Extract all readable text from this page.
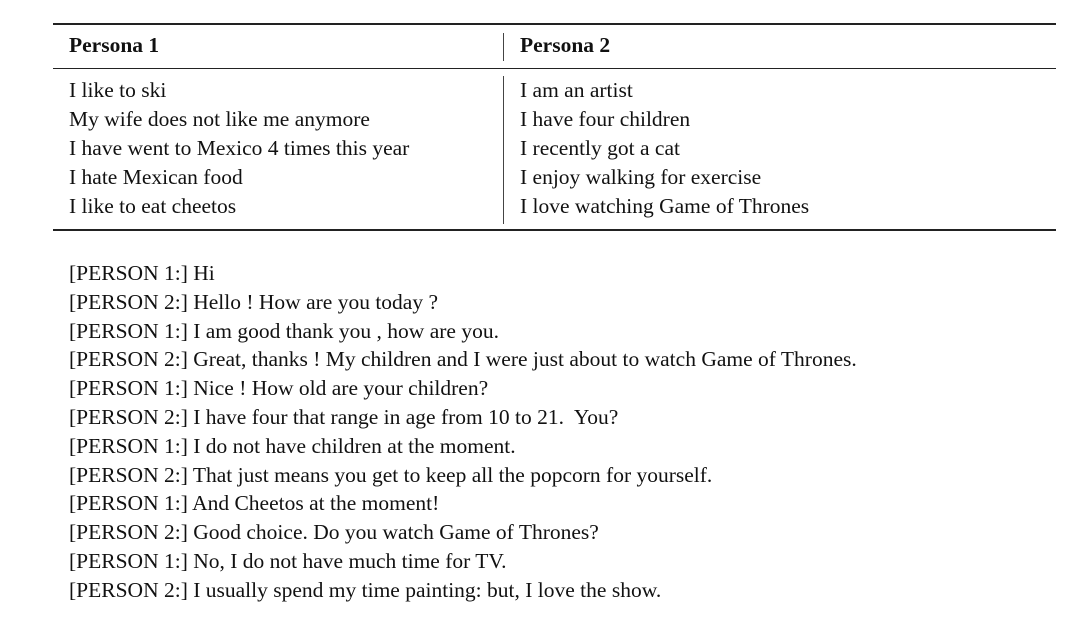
Persona 1	Persona 2
I like to ski
My wife does not like me anymore
I have went to Mexico 4 times this year
I hate Mexican food
I like to eat cheetos
I am an artist
I have four children
I recently got a cat
I enjoy walking for exercise
I love watching Game of Thrones
[PERSON 1:] Hi
[PERSON 2:] Hello ! How are you today ?
[PERSON 1:] I am good thank you , how are you.
[PERSON 2:] Great, thanks ! My children and I were just about to watch Game of Thrones.
[PERSON 1:] Nice ! How old are your children?
[PERSON 2:] I have four that range in age from 10 to 21.  You?
[PERSON 1:] I do not have children at the moment.
[PERSON 2:] That just means you get to keep all the popcorn for yourself.
[PERSON 1:] And Cheetos at the moment!
[PERSON 2:] Good choice. Do you watch Game of Thrones?
[PERSON 1:] No, I do not have much time for TV.
[PERSON 2:] I usually spend my time painting: but, I love the show.
